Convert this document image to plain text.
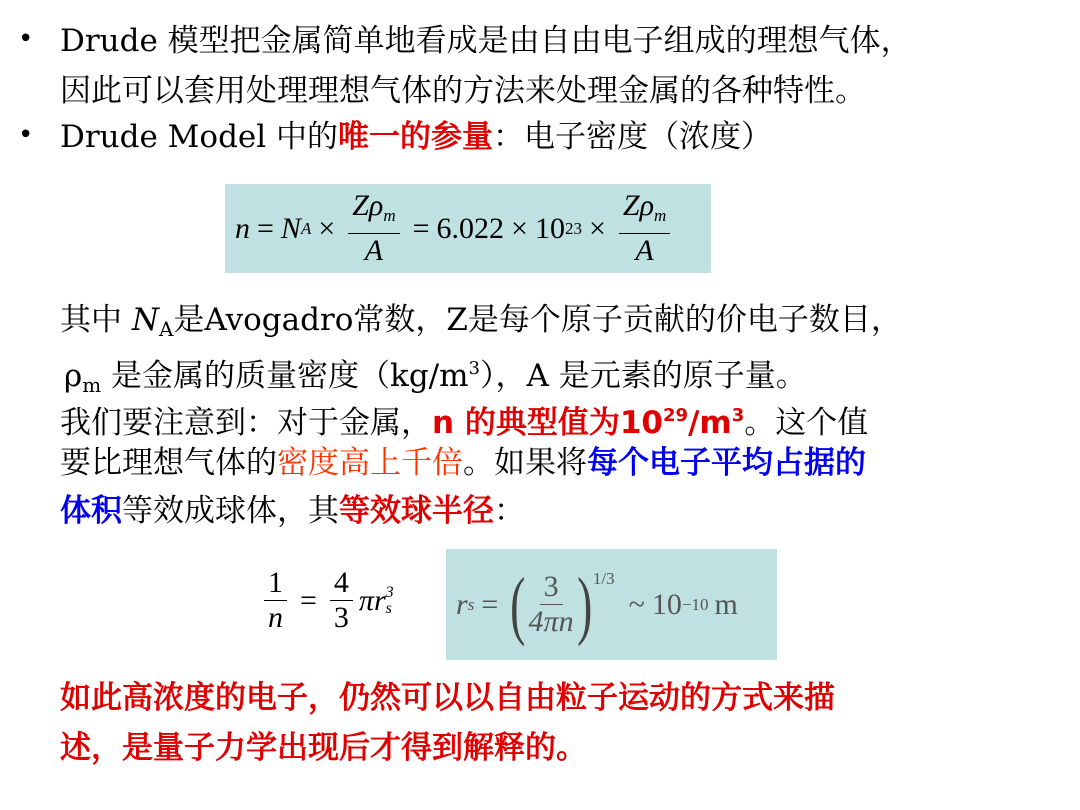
• Drude 模型把金属简单地看成是由自由电子组成的理想气体，
因此可以套用处理理想气体的方法来处理金属的各种特性。
• Drude Model 中的唯一的参量：电子密度（浓度）
n = N $A \times \frac{Z\rho_m}{A} = 6.022 \times 10$ $23 \times \frac{Z\rho_m}{A}$
其中 $N_A$是Avogadro常数，Z是每个原子贡献的价电子数目，
$\rho_m$ 是金属的质量密度$(kg/m^3)$，A 是元素的原子量。
我们要注意到：对于金属，n 的典型值为$10^{29}/m^3$。这个值
要比理想气体的密度高上千倍。如果将每个电子平均占据的
体积等效成球体，其等效球半径：
$\frac{1}{n} = \frac{4}{3}$ π r 3
s r s = ( $\frac{3}{4\pi n}$ ) 1/3
~ 10 −10 m
如此高浓度的电子，仍然可以以自由粒子运动的方式来描
述，是量子力学出现后才得到解释的。
